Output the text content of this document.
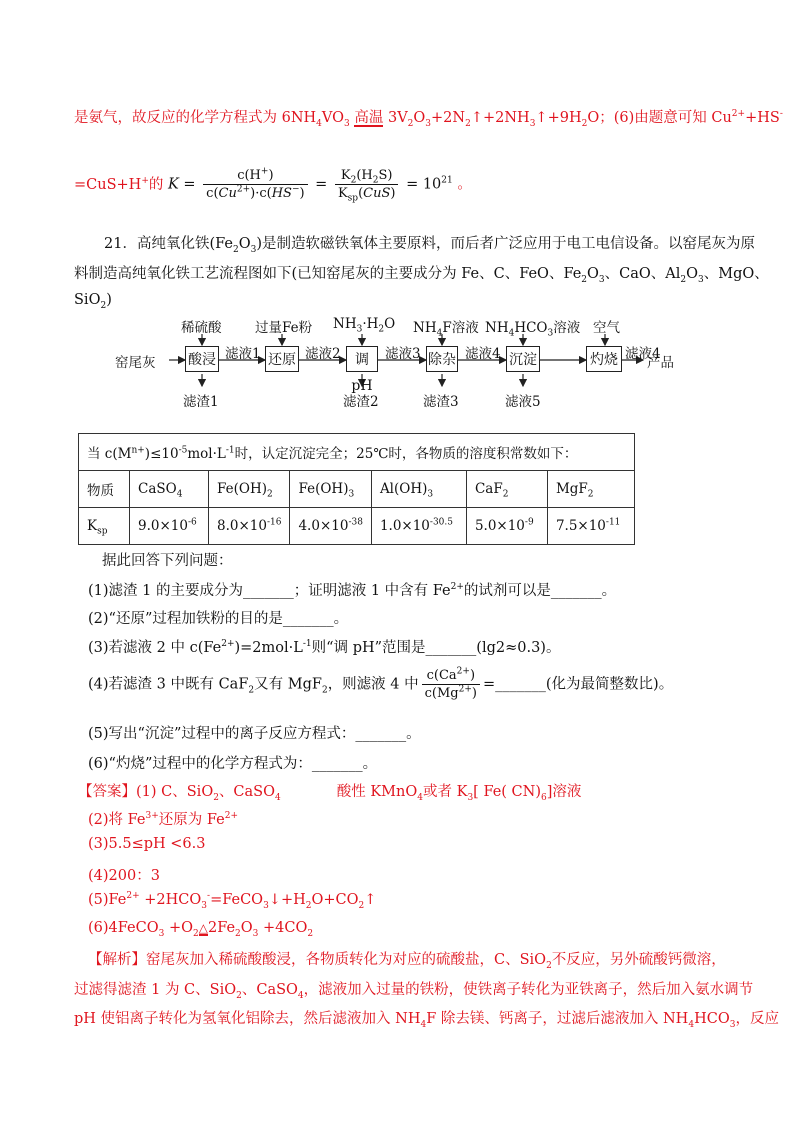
是氨气，故反应的化学方程式为 $6NH_4VO_3$ 高温 $3V_2O_3+2N_2↑+2NH_3↑+9H_2O$；(6)由题意可知 $Cu^{2+}+HS^-$
=CuS+H+的 $K = \frac{c(H^+)}{c(Cu^{2+})\cdot c(HS^-)} = \frac{K_2(H_2S)}{K_{sp}(CuS)} = 10^{21}$ 。
21．高纯氧化铁$(Fe_2O_3)$是制造软磁铁氧体主要原料，而后者广泛应用于电工电信设备。以窑尾灰为原
料制造高纯氧化铁工艺流程图如下(已知窑尾灰的主要成分为 Fe、C、FeO、$Fe_2O_3$、CaO、$Al_2O_3$、MgO、
SiO$_2$)
窑尾灰	产品
酸浸	还原	调pH
除杂	沉淀	灼烧
稀硫酸 过量Fe粉 $NH_3\cdot H_2O$ $NH_4F$溶液 $NH_4HCO_3$溶液 空气
滤液1	滤液2	滤液3	滤液4	滤液4
滤渣1	滤渣2	滤渣3	滤液5
当 $c(M^{n+})\le 10^{-5}mol\cdot L^{-1}$时，认定沉淀完全；25℃时，各物质的溶度积常数如下：						
物质	CaSO$_4$	$Fe(OH)_2$	$Fe(OH)_3$	$Al(OH)_3$	CaF$_2$	MgF$_2$
$K_{sp}$	$9.0\times 10^{-6}$	$8.0\times 10^{-16}$	$4.0\times 10^{-38}$	$1.0\times 10^{-30.5}$	$5.0\times 10^{-9}$	$7.5\times 10^{-11}$
据此回答下列问题：
(1)滤渣 1 的主要成分为_______；证明滤液 1 中含有 $Fe^{2+}$的试剂可以是_______。
(2)“还原”过程加铁粉的目的是_______。
(3)若滤液 2 中 $c(Fe^{2+})=2mol\cdot L^{-1}$则“调 pH”范围是_______(lg2≈0.3)。
(4)若滤渣 3 中既有 CaF$_2$又有 MgF$_2$，则滤液 4 中 $\frac{c(Ca^{2+})}{c(Mg^{2+})}$ =_______(化为最简整数比)。
(5)写出“沉淀”过程中的离子反应方程式：_______。
(6)“灼烧”过程中的化学方程式为：_______。
【答案】(1) C、SiO$_2$、CaSO$_4$	酸性 KMnO$_4$或者 $K_3$[ Fe( $CN)_6$]溶液
(2)将 $Fe^{3+}$还原为 $Fe^{2+}$
(3)5.5≤pH <6.3
(4)200：3
$(5)Fe^{2+}$ $+2HCO_3^-=FeCO_3↓+H_2O+CO_2↑$
(6)4FeCO$_3$ $+O_2\triangle 2Fe_2O_3 +4CO_2$
【解析】窑尾灰加入稀硫酸酸浸，各物质转化为对应的硫酸盐，C、SiO$_2$不反应，另外硫酸钙微溶，
过滤得滤渣 1 为 C、SiO$_2$、CaSO$_4$，滤液加入过量的铁粉，使铁离子转化为亚铁离子，然后加入氨水调节
pH 使铝离子转化为氢氧化铝除去，然后滤液加入 $NH_4F$ 除去镁、钙离子，过滤后滤液加入 $NH_4HCO_3$，反应
